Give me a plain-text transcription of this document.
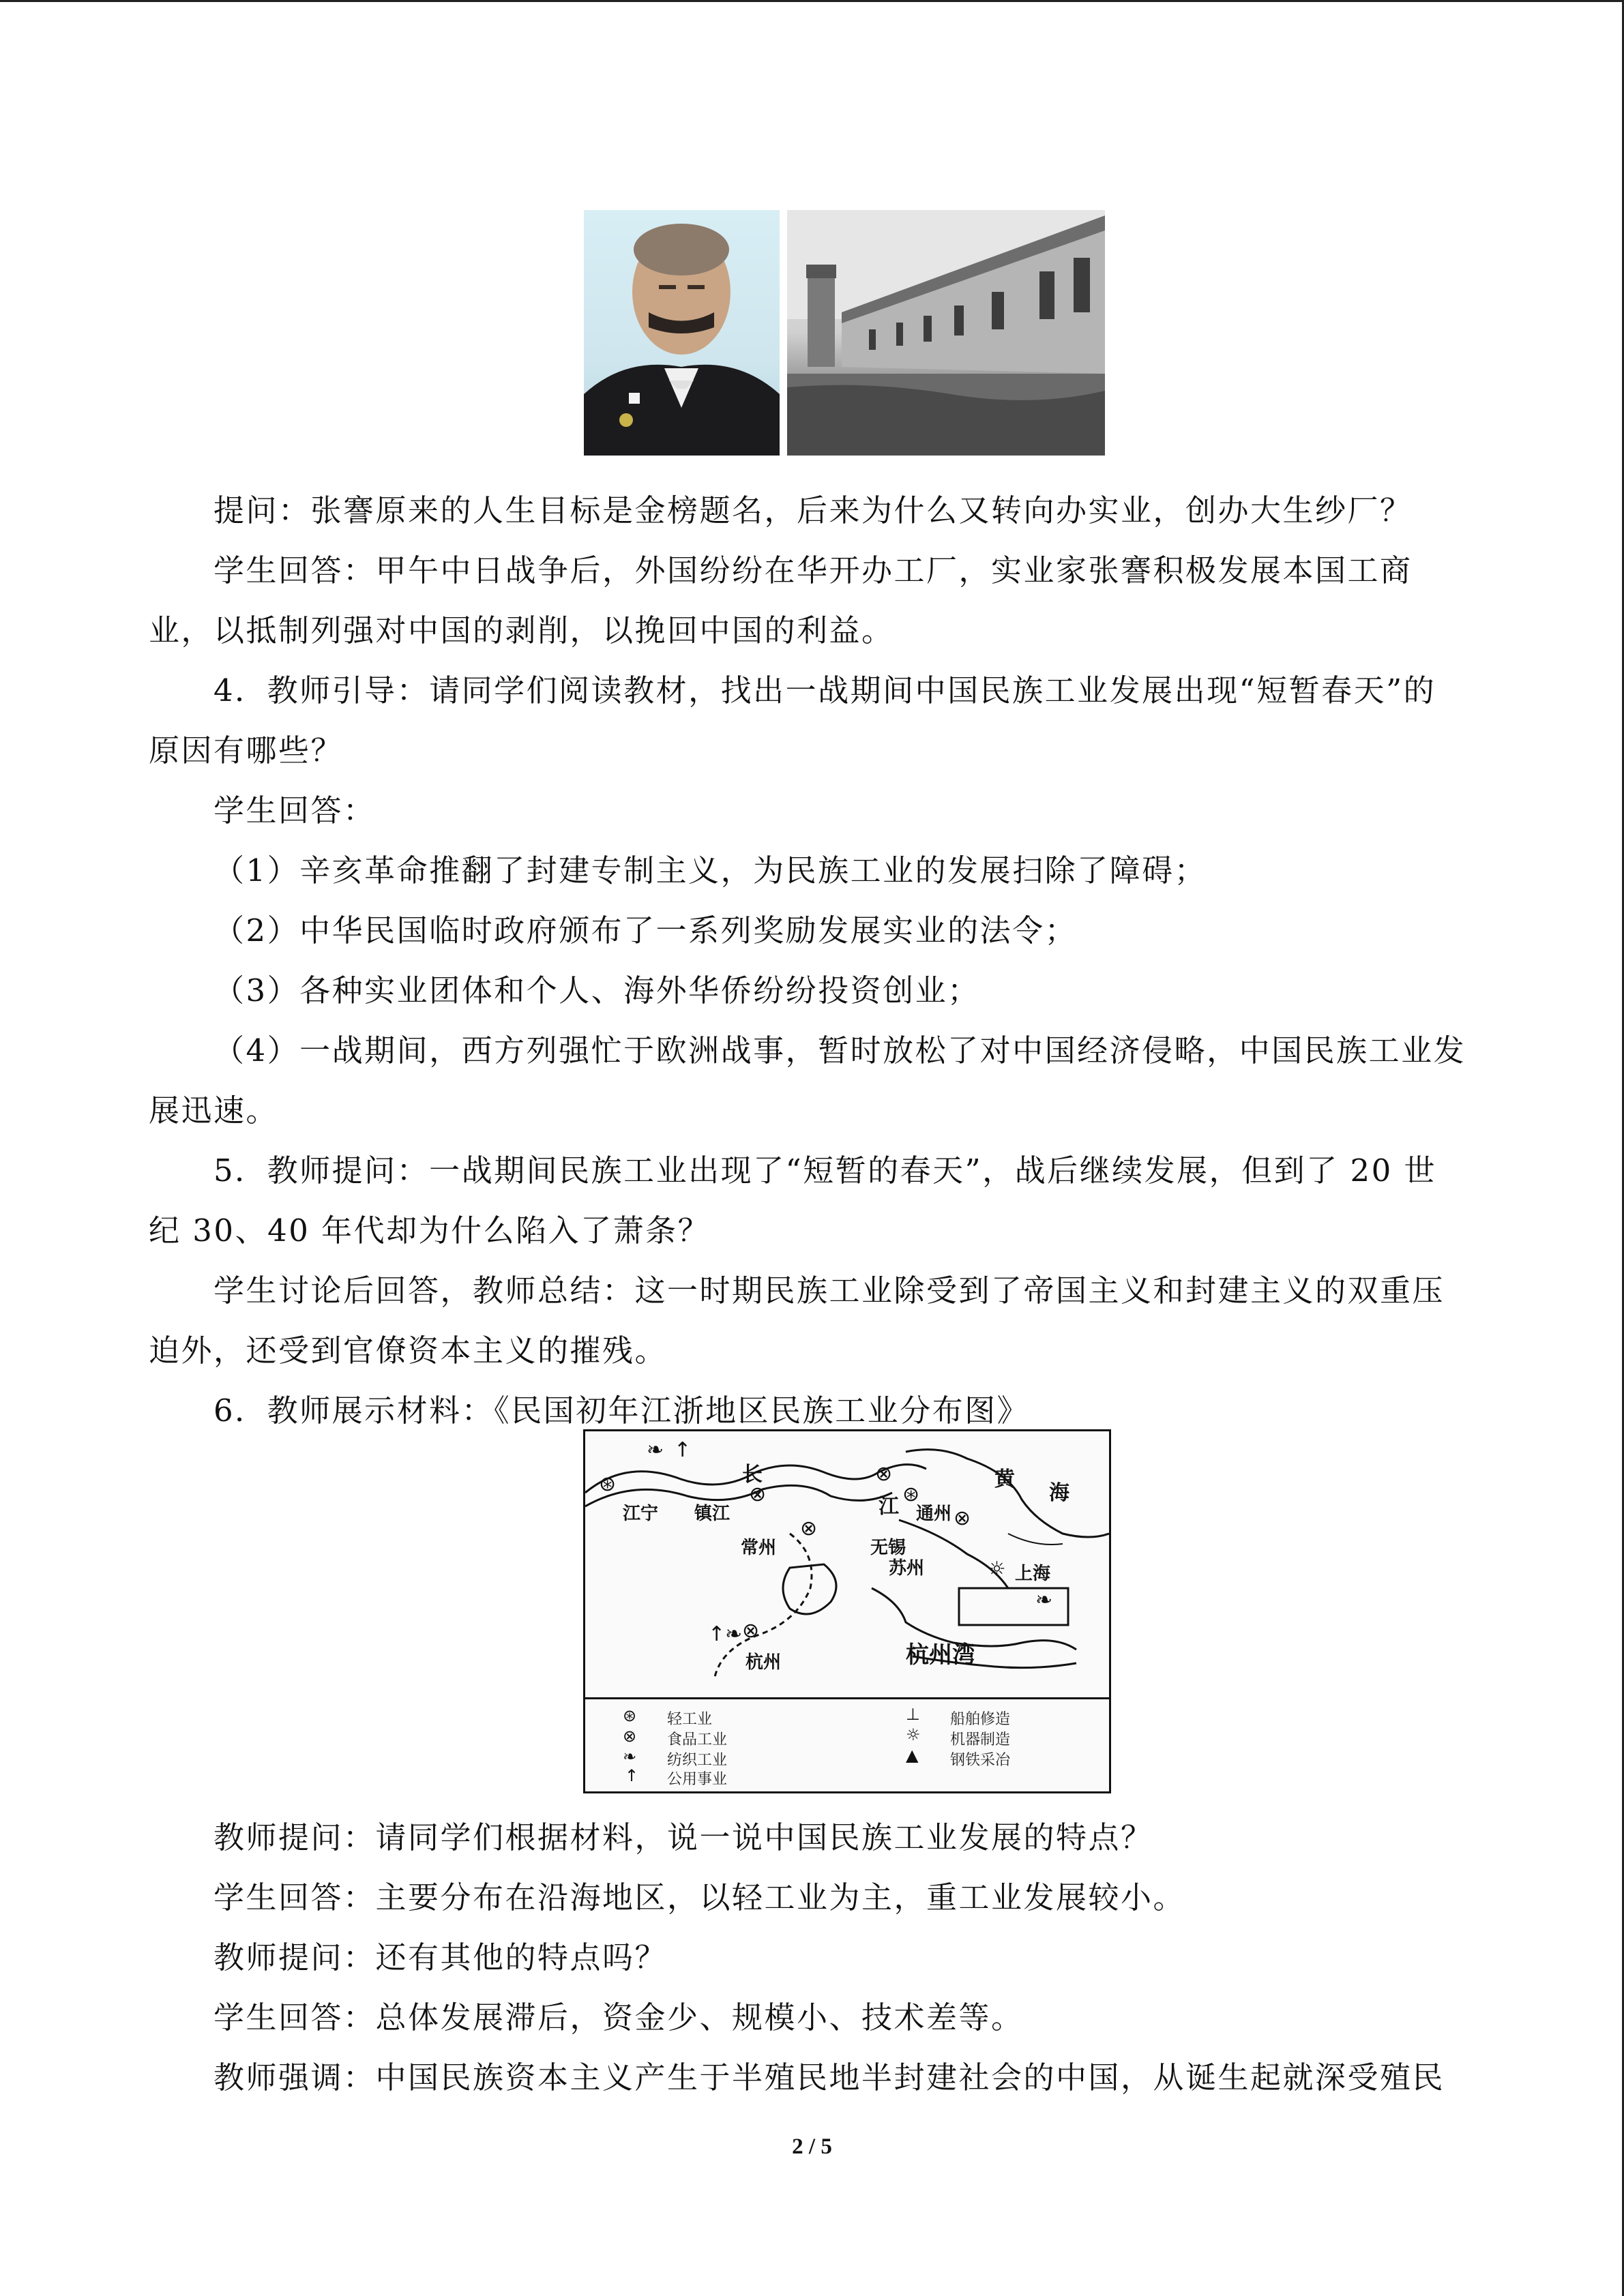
提问：张謇原来的人生目标是金榜题名，后来为什么又转向办实业，创办大生纱厂？
学生回答：甲午中日战争后，外国纷纷在华开办工厂，实业家张謇积极发展本国工商
业，以抵制列强对中国的剥削，以挽回中国的利益。
4．教师引导：请同学们阅读教材，找出一战期间中国民族工业发展出现“短暂春天”的
原因有哪些？
学生回答：
（1）辛亥革命推翻了封建专制主义，为民族工业的发展扫除了障碍；
（2）中华民国临时政府颁布了一系列奖励发展实业的法令；
（3）各种实业团体和个人、海外华侨纷纷投资创业；
（4）一战期间，西方列强忙于欧洲战事，暂时放松了对中国经济侵略，中国民族工业发
展迅速。
5．教师提问：一战期间民族工业出现了“短暂的春天”，战后继续发展，但到了 20 世
纪 30、40 年代却为什么陷入了萧条？
学生讨论后回答，教师总结：这一时期民族工业除受到了帝国主义和封建主义的双重压
迫外，还受到官僚资本主义的摧残。
6．教师展示材料：《民国初年江浙地区民族工业分布图》
长
江
黄
海
江宁 镇江
常州	无锡
通州
苏州	上海
杭州	杭州湾
❧ ↑
⊛	⊗
⊗
⊗
⊛
⊗
☼
❧
⊗
↑ ❧
⊛ 轻工业
⊗ 食品工业
❧ 纺织工业
↑ 公用事业
⊥ 船舶修造
☼ 机器制造
▲ 钢铁采冶
教师提问：请同学们根据材料，说一说中国民族工业发展的特点？
学生回答：主要分布在沿海地区，以轻工业为主，重工业发展较小。
教师提问：还有其他的特点吗？
学生回答：总体发展滞后，资金少、规模小、技术差等。
教师强调：中国民族资本主义产生于半殖民地半封建社会的中国，从诞生起就深受殖民
2 / 5
